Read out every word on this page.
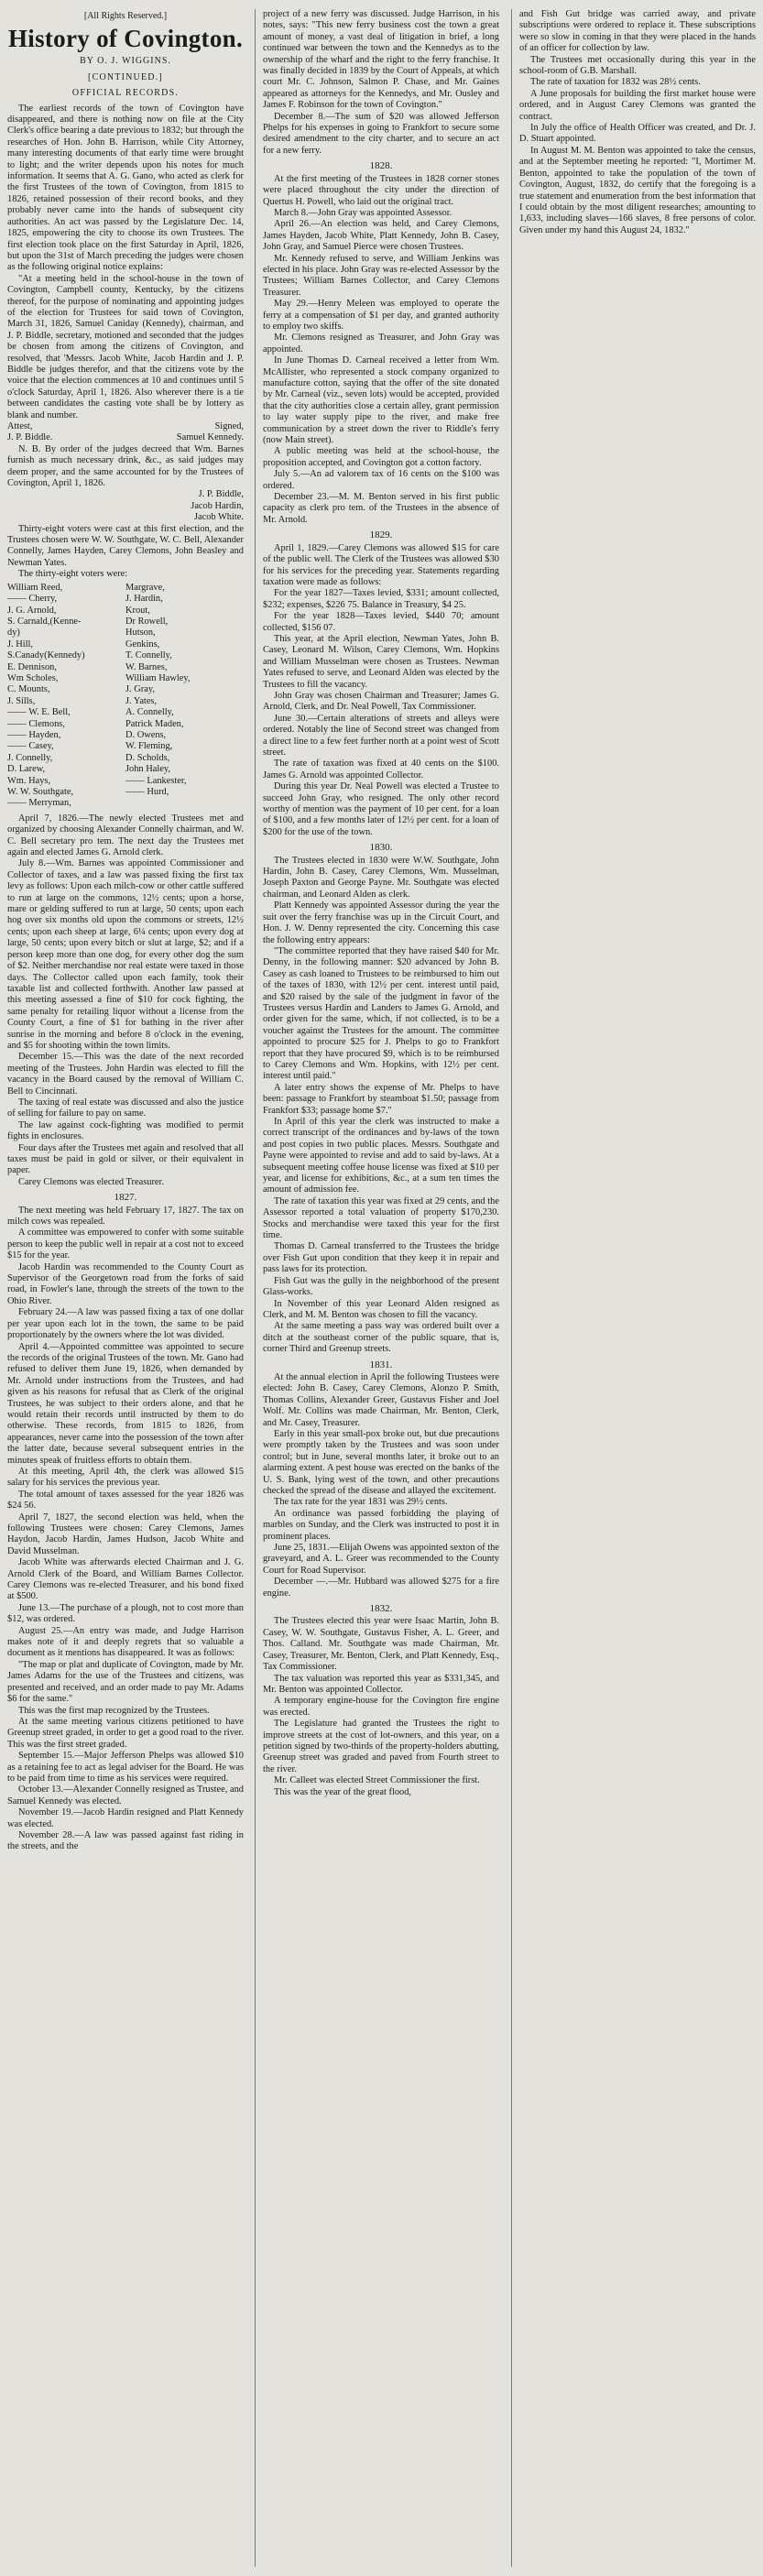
[All Rights Reserved.]

History of Covington.

BY O. J. WIGGINS.

[CONTINUED.]

OFFICIAL RECORDS.

The earliest records of the town of Covington have disappeared, and there is nothing now on file at the City Clerk's office bearing a date previous to 1832; but through the researches of Hon. John B. Harrison, while City Attorney, many interesting documents of that early time were brought to light; and the writer depends upon his notes for much information. It seems that A. G. Gano, who acted as clerk for the first Trustees of the town of Covington, from 1815 to 1826, retained possession of their record books, and they probably never came into the hands of subsequent city authorities. An act was passed by the Legislature Dec. 14, 1825, empowering the city to choose its own Trustees. The first election took place on the first Saturday in April, 1826, but upon the 31st of March preceding the judges were chosen as the following original notice explains:

"At a meeting held in the school-house in the town of Covington, Campbell county, Kentucky, by the citizens thereof, for the purpose of nominating and appointing judges of the election for Trustees for said town of Covington, March 31, 1826, Samuel Caniday (Kennedy), chairman, and J. P. Biddle, secretary, motioned and seconded that the judges be chosen from among the citizens of Covington, and resolved, that 'Messrs. Jacob White, Jacob Hardin and J. P. Biddle be judges therefor, and that the citizens vote by the voice that the election commences at 10 and continues until 5 o'clock Saturday, April 1, 1826. Also wherever there is a tie between candidates the casting vote shall be by lottery as blank and number.

Attest,	Signed,

J. P. Biddle.	Samuel Kennedy.

N. B. By order of the judges decreed that Wm. Barnes furnish as much necessary drink, &c., as said judges may deem proper, and the same accounted for by the Trustees of Covington, April 1, 1826.

J. P. Biddle,

Jacob Hardin,

Jacob White.

Thirty-eight voters were cast at this first election, and the Trustees chosen were W. W. Southgate, W. C. Bell, Alexander Connelly, James Hayden, Carey Clemons, John Beasley and Newman Yates.

The thirty-eight voters were:

William Reed,	Margrave,
—— Cherry,	J. Hardin,
J. G. Arnold,	Krout,
S. Carnald,(Kenne-	Dr Rowell,
dy)	Hutson,
J. Hill,	Genkins,
S.Canady(Kennedy)	T. Connelly,
E. Dennison,	W. Barnes,
Wm Scholes,	William Hawley,
C. Mounts,	J. Gray,
J. Sills,	J. Yates,
—— W. E. Bell,	A. Connelly,
—— Clemons,	Patrick Maden,
—— Hayden,	D. Owens,
—— Casey,	W. Fleming,
J. Connelly,	D. Scholds,
D. Larew,	John Haley,
Wm. Hays,	—— Lankester,
W. W. Southgate,	—— Hurd,
—— Merryman,

April 7, 1826.—The newly elected Trustees met and organized by choosing Alexander Connelly chairman, and W. C. Bell secretary pro tem. The next day the Trustees met again and elected James G. Arnold clerk.

July 8.—Wm. Barnes was appointed Commissioner and Collector of taxes, and a law was passed fixing the first tax levy as follows: Upon each milch-cow or other cattle suffered to run at large on the commons, 12½ cents; upon a horse, mare or gelding suffered to run at large, 50 cents; upon each hog over six months old upon the commons or streets, 12½ cents; upon each sheep at large, 6¼ cents; upon every dog at large, 50 cents; upon every bitch or slut at large, $2; and if a person keep more than one dog, for every other dog the sum of $2. Neither merchandise nor real estate were taxed in those days. The Collector called upon each family, took their taxable list and collected forthwith. Another law passed at this meeting assessed a fine of $10 for cock fighting, the same penalty for retailing liquor without a license from the County Court, a fine of $1 for bathing in the river after sunrise in the morning and before 8 o'clock in the evening, and $5 for shooting within the town limits.

December 15.—This was the date of the next recorded meeting of the Trustees. John Hardin was elected to fill the vacancy in the Board caused by the removal of William C. Bell to Cincinnati.

The taxing of real estate was discussed and also the justice of selling for failure to pay on same.

The law against cock-fighting was modified to permit fights in enclosures.

Four days after the Trustees met again and resolved that all taxes must be paid in gold or silver, or their equivalent in paper.

Carey Clemons was elected Treasurer.

1827.

The next meeting was held February 17, 1827. The tax on milch cows was repealed.

A committee was empowered to confer with some suitable person to keep the public well in repair at a cost not to exceed $15 for the year.

Jacob Hardin was recommended to the County Court as Supervisor of the Georgetown road from the forks of said road, in Fowler's lane, through the streets of the town to the Ohio River.

February 24.—A law was passed fixing a tax of one dollar per year upon each lot in the town, the same to be paid proportionately by the owners where the lot was divided.

April 4.—Appointed committee was appointed to secure the records of the original Trustees of the town. Mr. Gano had refused to deliver them June 19, 1826, when demanded by Mr. Arnold under instructions from the Trustees, and had given as his reasons for refusal that as Clerk of the original Trustees, he was subject to their orders alone, and that he would retain their records until instructed by them to do otherwise. These records, from 1815 to 1826, from appearances, never came into the possession of the town after the latter date, because several subsequent entries in the minutes speak of fruitless efforts to obtain them.

At this meeting, April 4th, the clerk was allowed $15 salary for his services the previous year.

The total amount of taxes assessed for the year 1826 was $24 56.

April 7, 1827, the second election was held, when the following Trustees were chosen: Carey Clemons, James Haydon, Jacob Hardin, James Hudson, Jacob White and David Musselman.

Jacob White was afterwards elected Chairman and J. G. Arnold Clerk of the Board, and William Barnes Collector. Carey Clemons was re-elected Treasurer, and his bond fixed at $500.

June 13.—The purchase of a plough, not to cost more than $12, was ordered.

August 25.—An entry was made, and Judge Harrison makes note of it and deeply regrets that so valuable a document as it mentions has disappeared. It was as follows:

"The map or plat and duplicate of Covington, made by Mr. James Adams for the use of the Trustees and citizens, was presented and received, and an order made to pay Mr. Adams $6 for the same."

This was the first map recognized by the Trustees.

At the same meeting various citizens petitioned to have Greenup street graded, in order to get a good road to the river. This was the first street graded.

September 15.—Major Jefferson Phelps was allowed $10 as a retaining fee to act as legal adviser for the Board. He was to be paid from time to time as his services were required.

October 13.—Alexander Connelly resigned as Trustee, and Samuel Kennedy was elected.

November 19.—Jacob Hardin resigned and Platt Kennedy was elected.

November 28.—A law was passed against fast riding in the streets, and the

project of a new ferry was discussed. Judge Harrison, in his notes, says: "This new ferry business cost the town a great amount of money, a vast deal of litigation in brief, a long continued war between the town and the Kennedys as to the ownership of the wharf and the right to the ferry franchise. It was finally decided in 1839 by the Court of Appeals, at which court Mr. C. Johnson, Salmon P. Chase, and Mr. Gaines appeared as attorneys for the Kennedys, and Mr. Ousley and James F. Robinson for the town of Covington."

December 8.—The sum of $20 was allowed Jefferson Phelps for his expenses in going to Frankfort to secure some desired amendment to the city charter, and to secure an act for a new ferry.

1828.

At the first meeting of the Trustees in 1828 corner stones were placed throughout the city under the direction of Quertus H. Powell, who laid out the original tract.

March 8.—John Gray was appointed Assessor.

April 26.—An election was held, and Carey Clemons, James Hayden, Jacob White, Platt Kennedy, John B. Casey, John Gray, and Samuel Pierce were chosen Trustees.

Mr. Kennedy refused to serve, and William Jenkins was elected in his place. John Gray was re-elected Assessor by the Trustees; William Barnes Collector, and Carey Clemons Treasurer.

May 29.—Henry Meleen was employed to operate the ferry at a compensation of $1 per day, and granted authority to employ two skiffs.

Mr. Clemons resigned as Treasurer, and John Gray was appointed.

In June Thomas D. Carneal received a letter from Wm. McAllister, who represented a stock company organized to manufacture cotton, saying that the offer of the site donated by Mr. Carneal (viz., seven lots) would be accepted, provided that the city authorities close a certain alley, grant permission to lay water supply pipe to the river, and make free communication by a street down the river to Riddle's ferry (now Main street).

A public meeting was held at the school-house, the proposition accepted, and Covington got a cotton factory.

July 5.—An ad valorem tax of 16 cents on the $100 was ordered.

December 23.—M. M. Benton served in his first public capacity as clerk pro tem. of the Trustees in the absence of Mr. Arnold.

1829.

April 1, 1829.—Carey Clemons was allowed $15 for care of the public well. The Clerk of the Trustees was allowed $30 for his services for the preceding year. Statements regarding taxation were made as follows:

For the year 1827—Taxes levied, $331; amount collected, $232; expenses, $226 75. Balance in Treasury, $4 25.

For the year 1828—Taxes levied, $440 70; amount collected, $156 07.

This year, at the April election, Newman Yates, John B. Casey, Leonard M. Wilson, Carey Clemons, Wm. Hopkins and William Musselman were chosen as Trustees. Newman Yates refused to serve, and Leonard Alden was elected by the Trustees to fill the vacancy.

John Gray was chosen Chairman and Treasurer; James G. Arnold, Clerk, and Dr. Neal Powell, Tax Commissioner.

June 30.—Certain alterations of streets and alleys were ordered. Notably the line of Second street was changed from a direct line to a few feet further north at a point west of Scott street.

The rate of taxation was fixed at 40 cents on the $100. James G. Arnold was appointed Collector.

During this year Dr. Neal Powell was elected a Trustee to succeed John Gray, who resigned. The only other record worthy of mention was the payment of 10 per cent. for a loan of $100, and a few months later of 12½ per cent. for a loan of $200 for the use of the town.

1830.

The Trustees elected in 1830 were W.W. Southgate, John Hardin, John B. Casey, Carey Clemons, Wm. Musselman, Joseph Paxton and George Payne. Mr. Southgate was elected chairman, and Leonard Alden as clerk.

Platt Kennedy was appointed Assessor during the year the suit over the ferry franchise was up in the Circuit Court, and Hon. J. W. Denny represented the city. Concerning this case the following entry appears:

"The committee reported that they have raised $40 for Mr. Denny, in the following manner: $20 advanced by John B. Casey as cash loaned to Trustees to be reimbursed to him out of the taxes of 1830, with 12½ per cent. interest until paid, and $20 raised by the sale of the judgment in favor of the Trustees versus Hardin and Landers to James G. Arnold, and order given for the same, which, if not collected, is to be a voucher against the Trustees for the amount. The committee appointed to procure $25 for J. Phelps to go to Frankfort report that they have procured $9, which is to be reimbursed to Carey Clemons and Wm. Hopkins, with 12½ per cent. interest until paid."

A later entry shows the expense of Mr. Phelps to have been: passage to Frankfort by steamboat $1.50; passage from Frankfort $33; passage home $7."

In April of this year the clerk was instructed to make a correct transcript of the ordinances and by-laws of the town and post copies in two public places. Messrs. Southgate and Payne were appointed to revise and add to said by-laws. At a subsequent meeting coffee house license was fixed at $10 per year, and license for exhibitions, &c., at a sum ten times the amount of admission fee.

The rate of taxation this year was fixed at 29 cents, and the Assessor reported a total valuation of property $170,230. Stocks and merchandise were taxed this year for the first time.

Thomas D. Carneal transferred to the Trustees the bridge over Fish Gut upon condition that they keep it in repair and pass laws for its protection.

Fish Gut was the gully in the neighborhood of the present Glass-works.

In November of this year Leonard Alden resigned as Clerk, and M. M. Benton was chosen to fill the vacancy.

At the same meeting a pass way was ordered built over a ditch at the southeast corner of the public square, that is, corner Third and Greenup streets.

1831.

At the annual election in April the following Trustees were elected: John B. Casey, Carey Clemons, Alonzo P. Smith, Thomas Collins, Alexander Greer, Gustavus Fisher and Joel Wolf. Mr. Collins was made Chairman, Mr. Benton, Clerk, and Mr. Casey, Treasurer.

Early in this year small-pox broke out, but due precautions were promptly taken by the Trustees and was soon under control; but in June, several months later, it broke out to an alarming extent. A pest house was erected on the banks of the U. S. Bank, lying west of the town, and other precautions checked the spread of the disease and allayed the excitement.

The tax rate for the year 1831 was 29½ cents.

An ordinance was passed forbidding the playing of marbles on Sunday, and the Clerk was instructed to post it in prominent places.

June 25, 1831.—Elijah Owens was appointed sexton of the graveyard, and A. L. Greer was recommended to the County Court for Road Supervisor.

December —.—Mr. Hubbard was allowed $275 for a fire engine.

1832.

The Trustees elected this year were Isaac Martin, John B. Casey, W. W. Southgate, Gustavus Fisher, A. L. Greer, and Thos. Calland. Mr. Southgate was made Chairman, Mr. Casey, Treasurer, Mr. Benton, Clerk, and Platt Kennedy, Esq., Tax Commissioner.

The tax valuation was reported this year as $331,345, and Mr. Benton was appointed Collector.

A temporary engine-house for the Covington fire engine was erected.

The Legislature had granted the Trustees the right to improve streets at the cost of lot-owners, and this year, on a petition signed by two-thirds of the property-holders abutting, Greenup street was graded and paved from Fourth street to the river.

Mr. Calleet was elected Street Commissioner the first.

This was the year of the great flood,

and Fish Gut bridge was carried away, and private subscriptions were ordered to replace it. These subscriptions were so slow in coming in that they were placed in the hands of an officer for collection by law.

The Trustees met occasionally during this year in the school-room of G.B. Marshall.

The rate of taxation for 1832 was 28½ cents.

A June proposals for building the first market house were ordered, and in August Carey Clemons was granted the contract.

In July the office of Health Officer was created, and Dr. J. D. Stuart appointed.

In August M. M. Benton was appointed to take the census, and at the September meeting he reported: "I, Mortimer M. Benton, appointed to take the population of the town of Covington, August, 1832, do certify that the foregoing is a true statement and enumeration from the best information that I could obtain by the most diligent researches; amounting to 1,633, including slaves—166 slaves, 8 free persons of color. Given under my hand this August 24, 1832."
